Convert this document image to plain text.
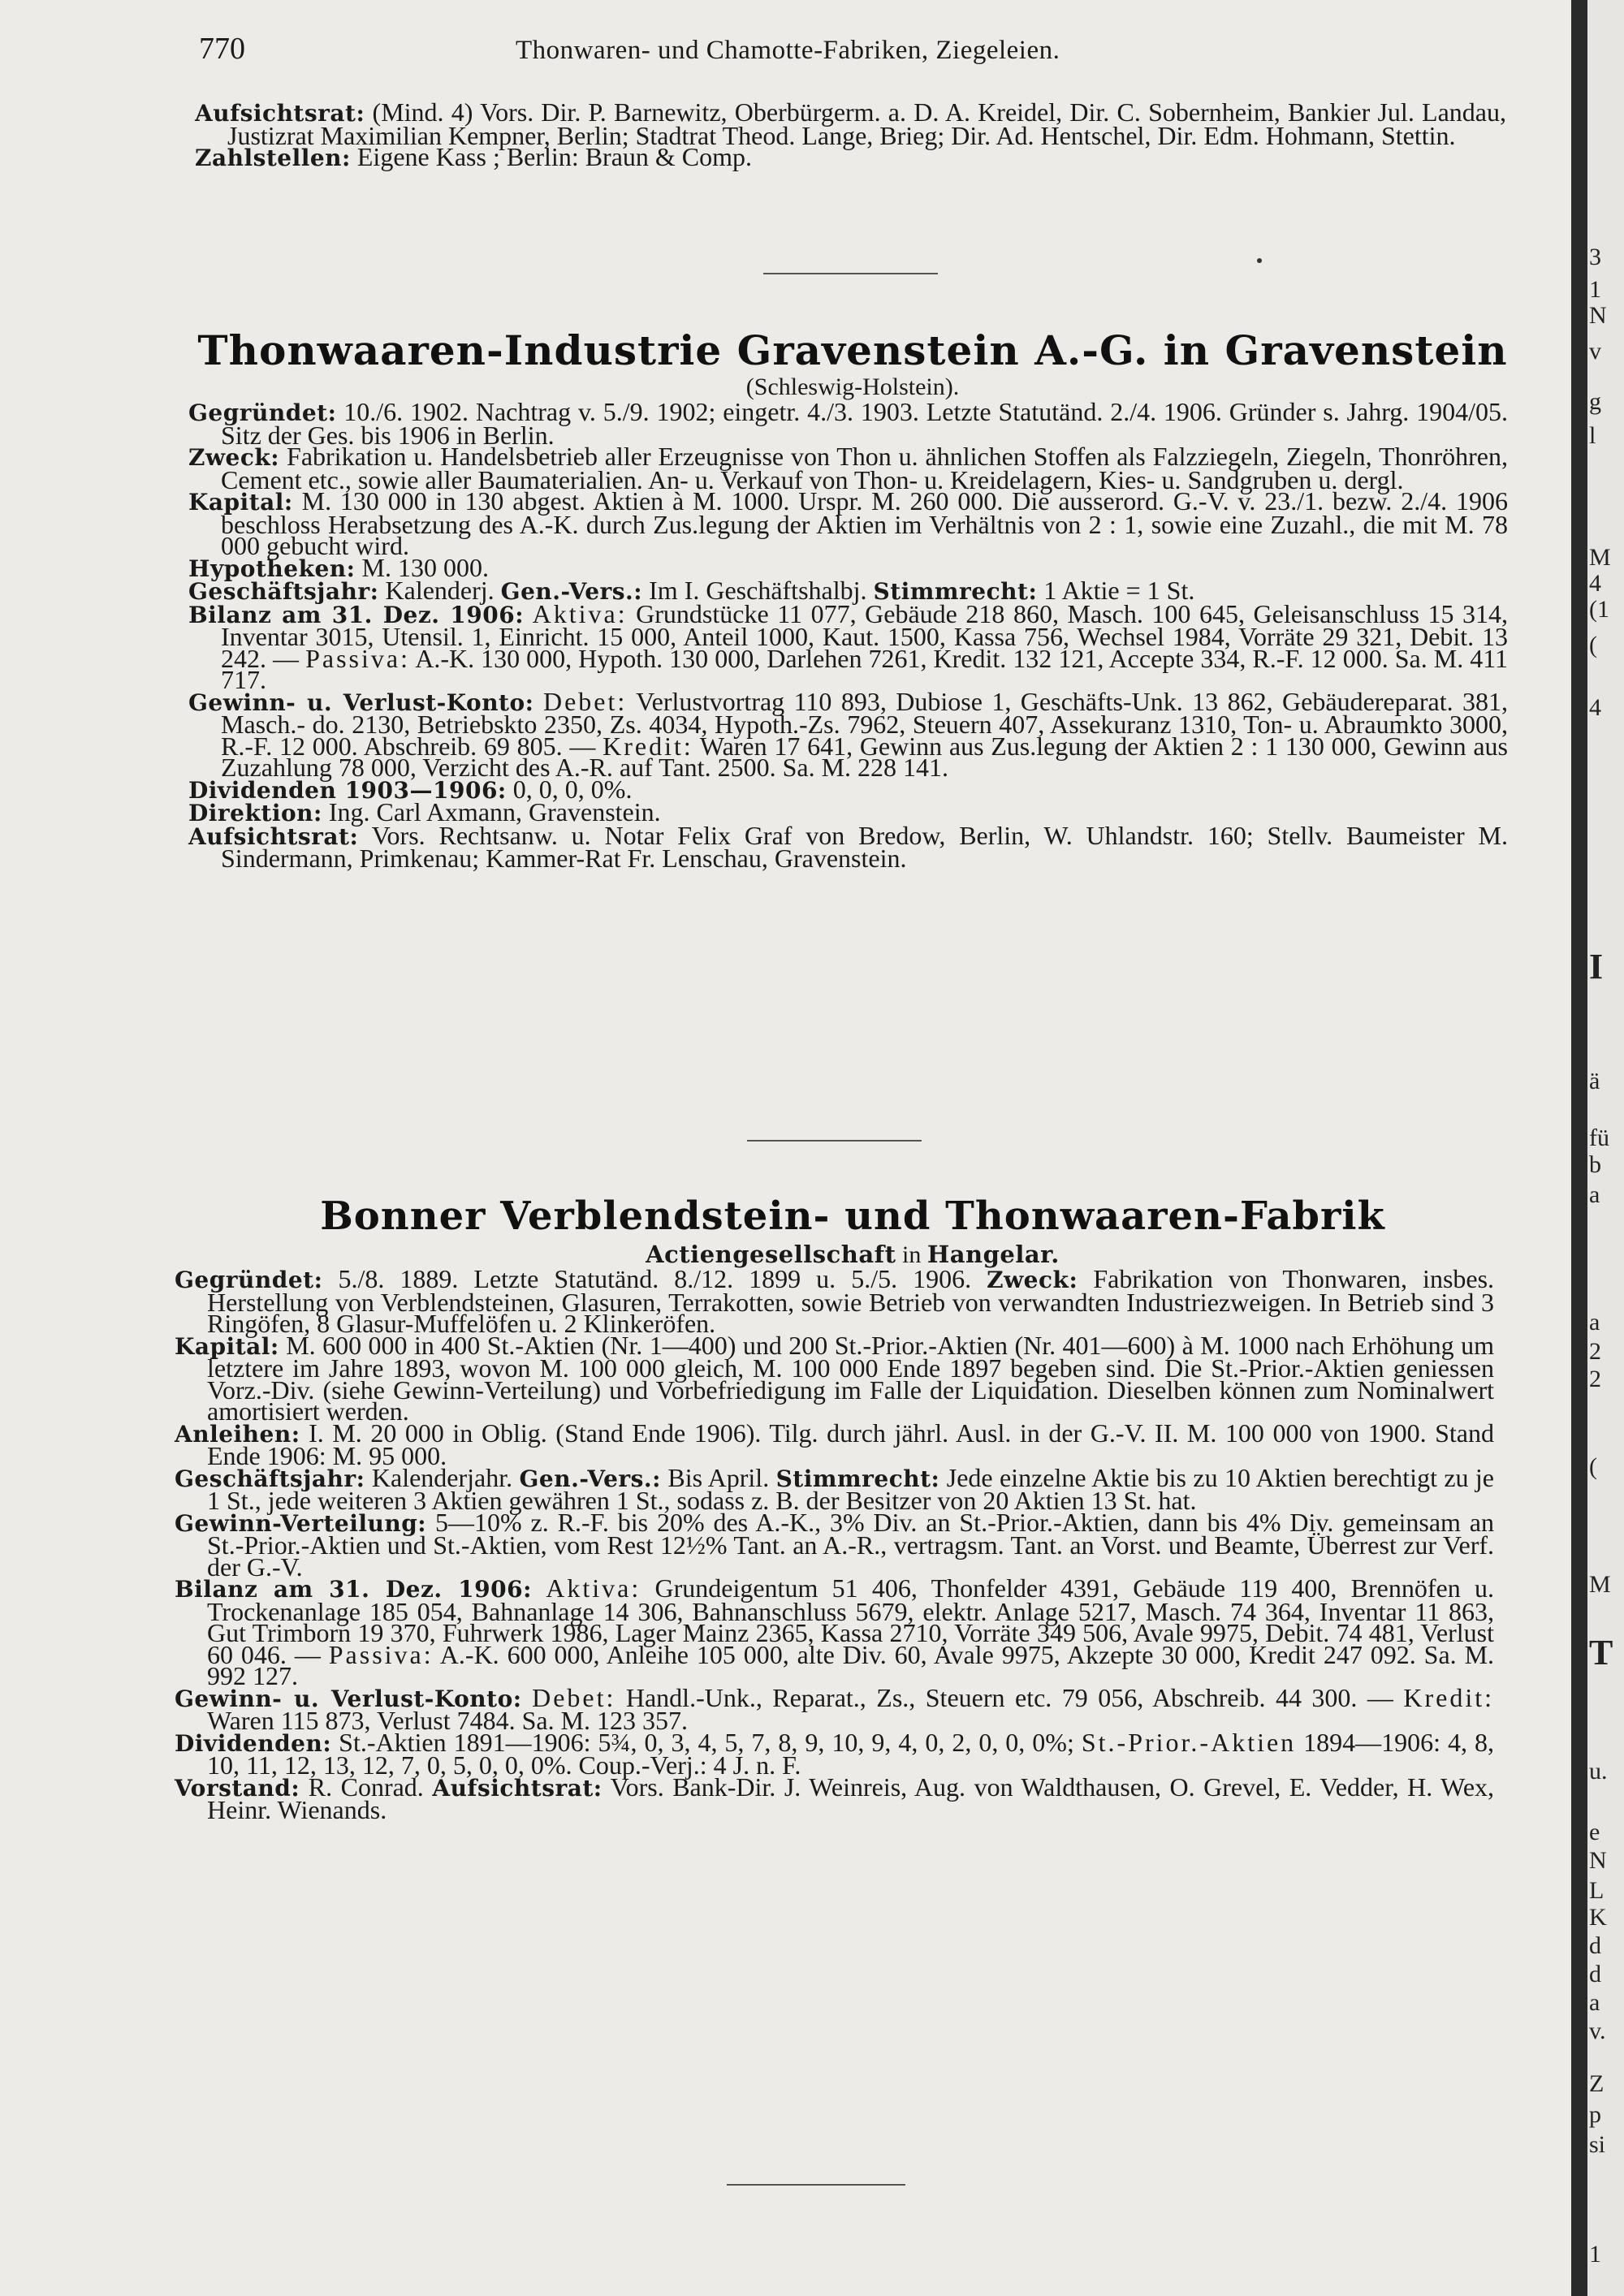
770	Thonwaren- und Chamotte-Fabriken, Ziegeleien.

Aufsichtsrat: (Mind. 4) Vors. Dir. P. Barnewitz, Oberbürgerm. a. D. A. Kreidel, Dir. C. Sobernheim, Bankier Jul. Landau, Justizrat Maximilian Kempner, Berlin; Stadtrat Theod. Lange, Brieg; Dir. Ad. Hentschel, Dir. Edm. Hohmann, Stettin.

Zahlstellen: Eigene Kass ; Berlin: Braun & Comp.

Thonwaaren-Industrie Gravenstein A.-G. in Gravenstein
(Schleswig-Holstein).

Gegründet: 10./6. 1902. Nachtrag v. 5./9. 1902; eingetr. 4./3. 1903. Letzte Statutänd. 2./4. 1906. Gründer s. Jahrg. 1904/05. Sitz der Ges. bis 1906 in Berlin.

Zweck: Fabrikation u. Handelsbetrieb aller Erzeugnisse von Thon u. ähnlichen Stoffen als Falzziegeln, Ziegeln, Thonröhren, Cement etc., sowie aller Baumaterialien. An- u. Verkauf von Thon- u. Kreidelagern, Kies- u. Sandgruben u. dergl.

Kapital: M. 130 000 in 130 abgest. Aktien à M. 1000. Urspr. M. 260 000. Die ausserord. G.-V. v. 23./1. bezw. 2./4. 1906 beschloss Herabsetzung des A.-K. durch Zus.legung der Aktien im Verhältnis von 2 : 1, sowie eine Zuzahl., die mit M. 78 000 gebucht wird.

Hypotheken: M. 130 000.

Geschäftsjahr: Kalenderj. Gen.-Vers.: Im I. Geschäftshalbj. Stimmrecht: 1 Aktie = 1 St.

Bilanz am 31. Dez. 1906: Aktiva: Grundstücke 11 077, Gebäude 218 860, Masch. 100 645, Geleisanschluss 15 314, Inventar 3015, Utensil. 1, Einricht. 15 000, Anteil 1000, Kaut. 1500, Kassa 756, Wechsel 1984, Vorräte 29 321, Debit. 13 242. — Passiva: A.-K. 130 000, Hypoth. 130 000, Darlehen 7261, Kredit. 132 121, Accepte 334, R.-F. 12 000. Sa. M. 411 717.

Gewinn- u. Verlust-Konto: Debet: Verlustvortrag 110 893, Dubiose 1, Geschäfts-Unk. 13 862, Gebäudereparat. 381, Masch.- do. 2130, Betriebskto 2350, Zs. 4034, Hypoth.-Zs. 7962, Steuern 407, Assekuranz 1310, Ton- u. Abraumkto 3000, R.-F. 12 000. Abschreib. 69 805. — Kredit: Waren 17 641, Gewinn aus Zus.legung der Aktien 2 : 1 130 000, Gewinn aus Zuzahlung 78 000, Verzicht des A.-R. auf Tant. 2500. Sa. M. 228 141.

Dividenden 1903—1906: 0, 0, 0, 0%.

Direktion: Ing. Carl Axmann, Gravenstein.

Aufsichtsrat: Vors. Rechtsanw. u. Notar Felix Graf von Bredow, Berlin, W. Uhlandstr. 160; Stellv. Baumeister M. Sindermann, Primkenau; Kammer-Rat Fr. Lenschau, Gravenstein.

Bonner Verblendstein- und Thonwaaren-Fabrik
Actiengesellschaft in Hangelar.

Gegründet: 5./8. 1889. Letzte Statutänd. 8./12. 1899 u. 5./5. 1906. Zweck: Fabrikation von Thonwaren, insbes. Herstellung von Verblendsteinen, Glasuren, Terrakotten, sowie Betrieb von verwandten Industriezweigen. In Betrieb sind 3 Ringöfen, 8 Glasur-Muffelöfen u. 2 Klinkeröfen.

Kapital: M. 600 000 in 400 St.-Aktien (Nr. 1—400) und 200 St.-Prior.-Aktien (Nr. 401—600) à M. 1000 nach Erhöhung um letztere im Jahre 1893, wovon M. 100 000 gleich, M. 100 000 Ende 1897 begeben sind. Die St.-Prior.-Aktien geniessen Vorz.-Div. (siehe Gewinn-Verteilung) und Vorbefriedigung im Falle der Liquidation. Dieselben können zum Nominalwert amortisiert werden.

Anleihen: I. M. 20 000 in Oblig. (Stand Ende 1906). Tilg. durch jährl. Ausl. in der G.-V. II. M. 100 000 von 1900. Stand Ende 1906: M. 95 000.

Geschäftsjahr: Kalenderjahr. Gen.-Vers.: Bis April. Stimmrecht: Jede einzelne Aktie bis zu 10 Aktien berechtigt zu je 1 St., jede weiteren 3 Aktien gewähren 1 St., sodass z. B. der Besitzer von 20 Aktien 13 St. hat.

Gewinn-Verteilung: 5—10% z. R.-F. bis 20% des A.-K., 3% Div. an St.-Prior.-Aktien, dann bis 4% Div. gemeinsam an St.-Prior.-Aktien und St.-Aktien, vom Rest 12½% Tant. an A.-R., vertragsm. Tant. an Vorst. und Beamte, Überrest zur Verf. der G.-V.

Bilanz am 31. Dez. 1906: Aktiva: Grundeigentum 51 406, Thonfelder 4391, Gebäude 119 400, Brennöfen u. Trockenanlage 185 054, Bahnanlage 14 306, Bahnanschluss 5679, elektr. Anlage 5217, Masch. 74 364, Inventar 11 863, Gut Trimborn 19 370, Fuhrwerk 1986, Lager Mainz 2365, Kassa 2710, Vorräte 349 506, Avale 9975, Debit. 74 481, Verlust 60 046. — Passiva: A.-K. 600 000, Anleihe 105 000, alte Div. 60, Avale 9975, Akzepte 30 000, Kredit 247 092. Sa. M. 992 127.

Gewinn- u. Verlust-Konto: Debet: Handl.-Unk., Reparat., Zs., Steuern etc. 79 056, Abschreib. 44 300. — Kredit: Waren 115 873, Verlust 7484. Sa. M. 123 357.

Dividenden: St.-Aktien 1891—1906: 5¾, 0, 3, 4, 5, 7, 8, 9, 10, 9, 4, 0, 2, 0, 0, 0%; St.-Prior.-Aktien 1894—1906: 4, 8, 10, 11, 12, 13, 12, 7, 0, 5, 0, 0, 0%. Coup.-Verj.: 4 J. n. F.

Vorstand: R. Conrad. Aufsichtsrat: Vors. Bank-Dir. J. Weinreis, Aug. von Waldthausen, O. Grevel, E. Vedder, H. Wex, Heinr. Wienands.

3
1
N
v
g
l
M
4
(1
(
4
I
ä
fü
b
a
a
2
2
(
M
T
u.
e
N
L
K
d
d
a
v.
Z
p
si
1
